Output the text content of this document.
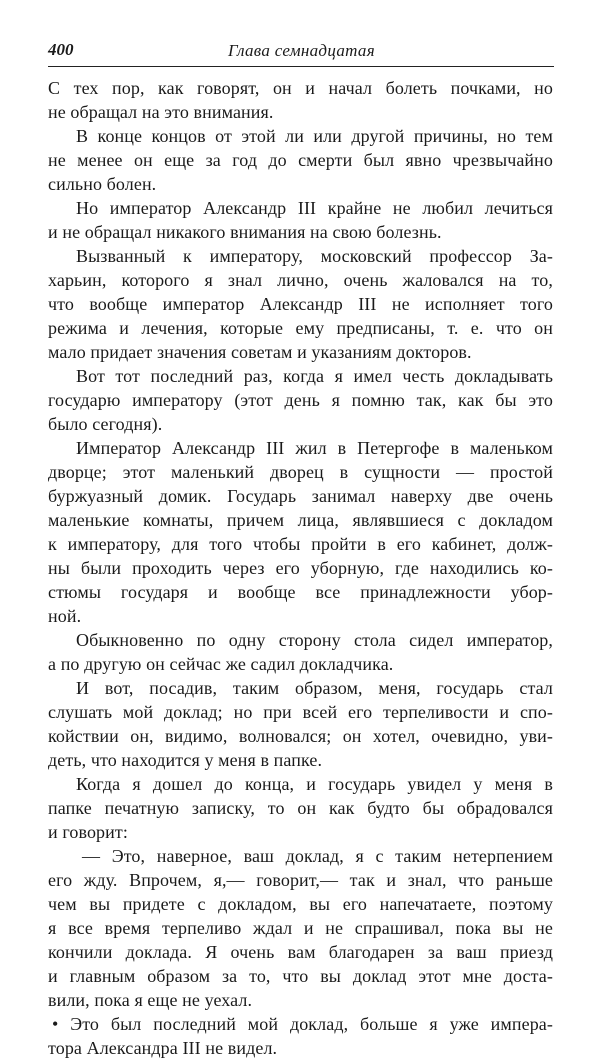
400	Глава семнадцатая
С тех пор, как говорят, он и начал болеть почками, но
не обращал на это внимания.
В конце концов от этой ли или другой причины, но тем
не менее он еще за год до смерти был явно чрезвычайно
сильно болен.
Но император Александр III крайне не любил лечиться
и не обращал никакого внимания на свою болезнь.
Вызванный к императору, московский профессор За-
харьин, которого я знал лично, очень жаловался на то,
что вообще император Александр III не исполняет того
режима и лечения, которые ему предписаны, т. е. что он
мало придает значения советам и указаниям докторов.
Вот тот последний раз, когда я имел честь докладывать
государю императору (этот день я помню так, как бы это
было сегодня).
Император Александр III жил в Петергофе в маленьком
дворце; этот маленький дворец в сущности — простой
буржуазный домик. Государь занимал наверху две очень
маленькие комнаты, причем лица, являвшиеся с докладом
к императору, для того чтобы пройти в его кабинет, долж-
ны были проходить через его уборную, где находились ко-
стюмы государя и вообще все принадлежности убор-
ной.
Обыкновенно по одну сторону стола сидел император,
а по другую он сейчас же садил докладчика.
И вот, посадив, таким образом, меня, государь стал
слушать мой доклад; но при всей его терпеливости и спо-
койствии он, видимо, волновался; он хотел, очевидно, уви-
деть, что находится у меня в папке.
Когда я дошел до конца, и государь увидел у меня в
папке печатную записку, то он как будто бы обрадовался
и говорит:
— Это, наверное, ваш доклад, я с таким нетерпением
его жду. Впрочем, я,— говорит,— так и знал, что раньше
чем вы придете с докладом, вы его напечатаете, поэтому
я все время терпеливо ждал и не спрашивал, пока вы не
кончили доклада. Я очень вам благодарен за ваш приезд
и главным образом за то, что вы доклад этот мне доста-
вили, пока я еще не уехал.
• Это был последний мой доклад, больше я уже импера-
тора Александра III не видел.
